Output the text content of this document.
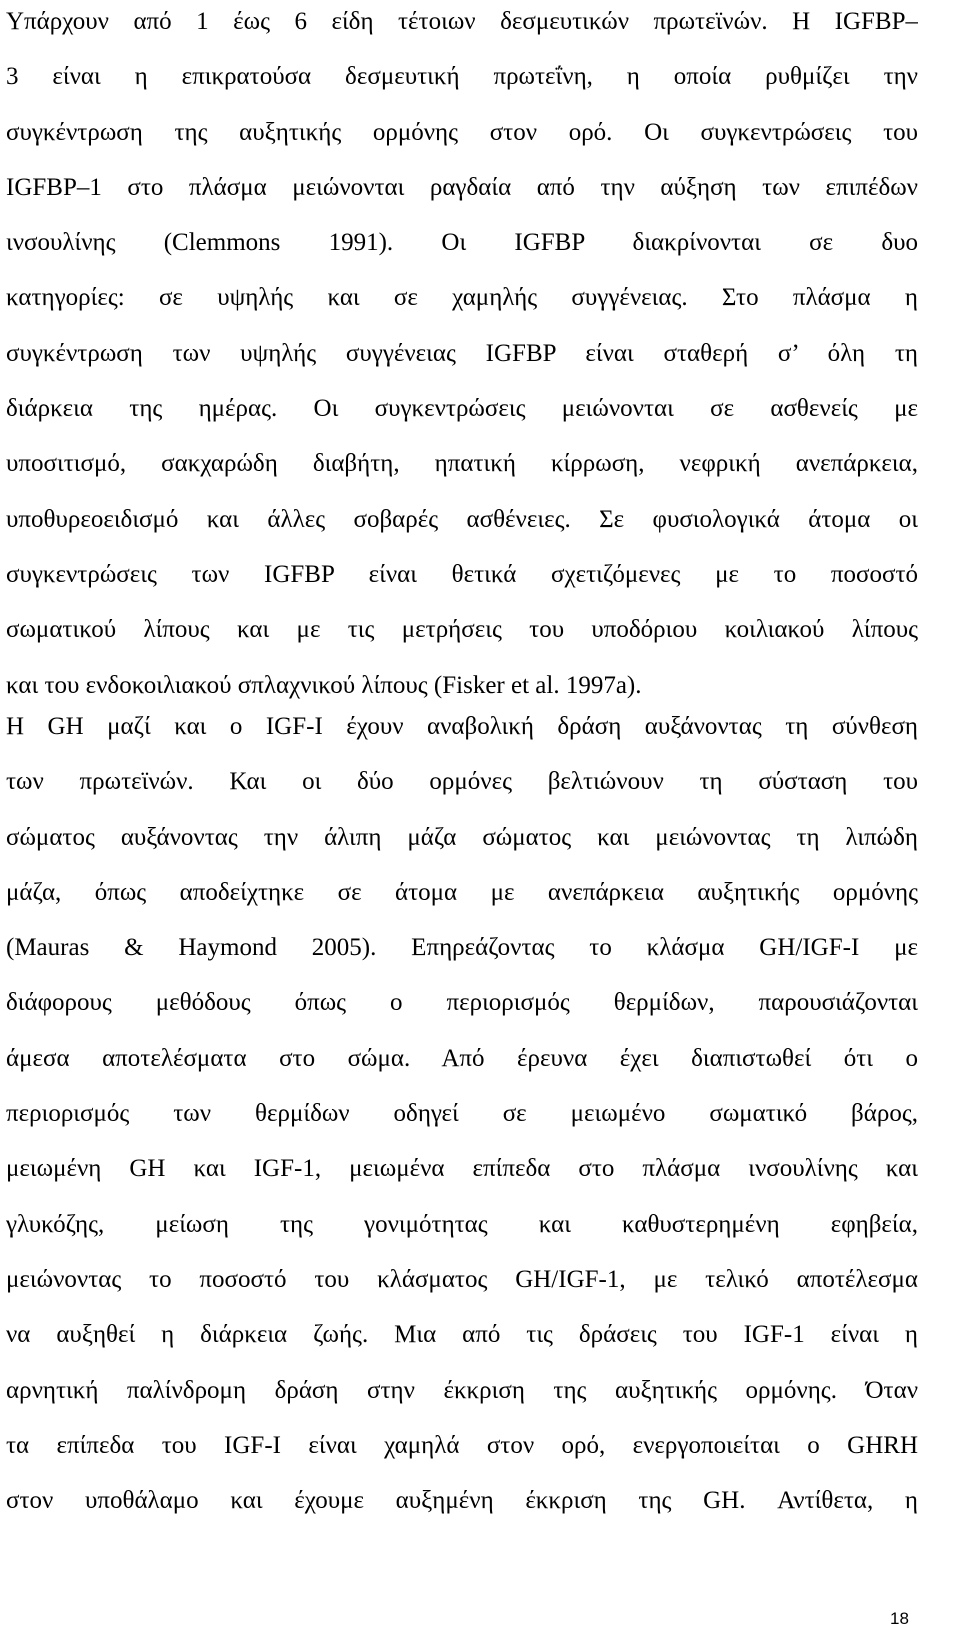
Υπάρχουν από 1 έως 6 είδη τέτοιων δεσμευτικών πρωτεϊνών. Η IGFBP–
3 είναι η επικρατούσα δεσμευτική πρωτεΐνη, η οποία ρυθμίζει την
συγκέντρωση της αυξητικής ορμόνης στον ορό. Οι συγκεντρώσεις του
IGFBP–1 στο πλάσμα μειώνονται ραγδαία από την αύξηση των επιπέδων
ινσουλίνης (Clemmons 1991). Οι IGFBP διακρίνονται σε δυο
κατηγορίες: σε υψηλής και σε χαμηλής συγγένειας. Στο πλάσμα η
συγκέντρωση των υψηλής συγγένειας IGFBP είναι σταθερή σ’ όλη τη
διάρκεια της ημέρας. Οι συγκεντρώσεις μειώνονται σε ασθενείς με
υποσιτισμό, σακχαρώδη διαβήτη, ηπατική κίρρωση, νεφρική ανεπάρκεια,
υποθυρεοειδισμό και άλλες σοβαρές ασθένειες. Σε φυσιολογικά άτομα οι
συγκεντρώσεις των IGFBP είναι θετικά σχετιζόμενες με το ποσοστό
σωματικού λίπους και με τις μετρήσεις του υποδόριου κοιλιακού λίπους
και του ενδοκοιλιακού σπλαχνικού λίπους (Fisker et al. 1997a).
Η GH μαζί και ο IGF-I έχουν αναβολική δράση αυξάνοντας τη σύνθεση
των πρωτεϊνών. Και οι δύο ορμόνες βελτιώνουν τη σύσταση του
σώματος αυξάνοντας την άλιπη μάζα σώματος και μειώνοντας τη λιπώδη
μάζα, όπως αποδείχτηκε σε άτομα με ανεπάρκεια αυξητικής ορμόνης
(Mauras & Haymond 2005). Επηρεάζοντας το κλάσμα GH/IGF-I με
διάφορους μεθόδους όπως ο περιορισμός θερμίδων, παρουσιάζονται
άμεσα αποτελέσματα στο σώμα. Από έρευνα έχει διαπιστωθεί ότι ο
περιορισμός των θερμίδων οδηγεί σε μειωμένο σωματικό βάρος,
μειωμένη GH και IGF-1, μειωμένα επίπεδα στο πλάσμα ινσουλίνης και
γλυκόζης, μείωση της γονιμότητας και καθυστερημένη εφηβεία,
μειώνοντας το ποσοστό του κλάσματος GH/IGF-1, με τελικό αποτέλεσμα
να αυξηθεί η διάρκεια ζωής. Μια από τις δράσεις του IGF-1 είναι η
αρνητική παλίνδρομη δράση στην έκκριση της αυξητικής ορμόνης. Όταν
τα επίπεδα του IGF-I είναι χαμηλά στον ορό, ενεργοποιείται ο GHRH
στον υποθάλαμο και έχουμε αυξημένη έκκριση της GH. Αντίθετα, η
18
